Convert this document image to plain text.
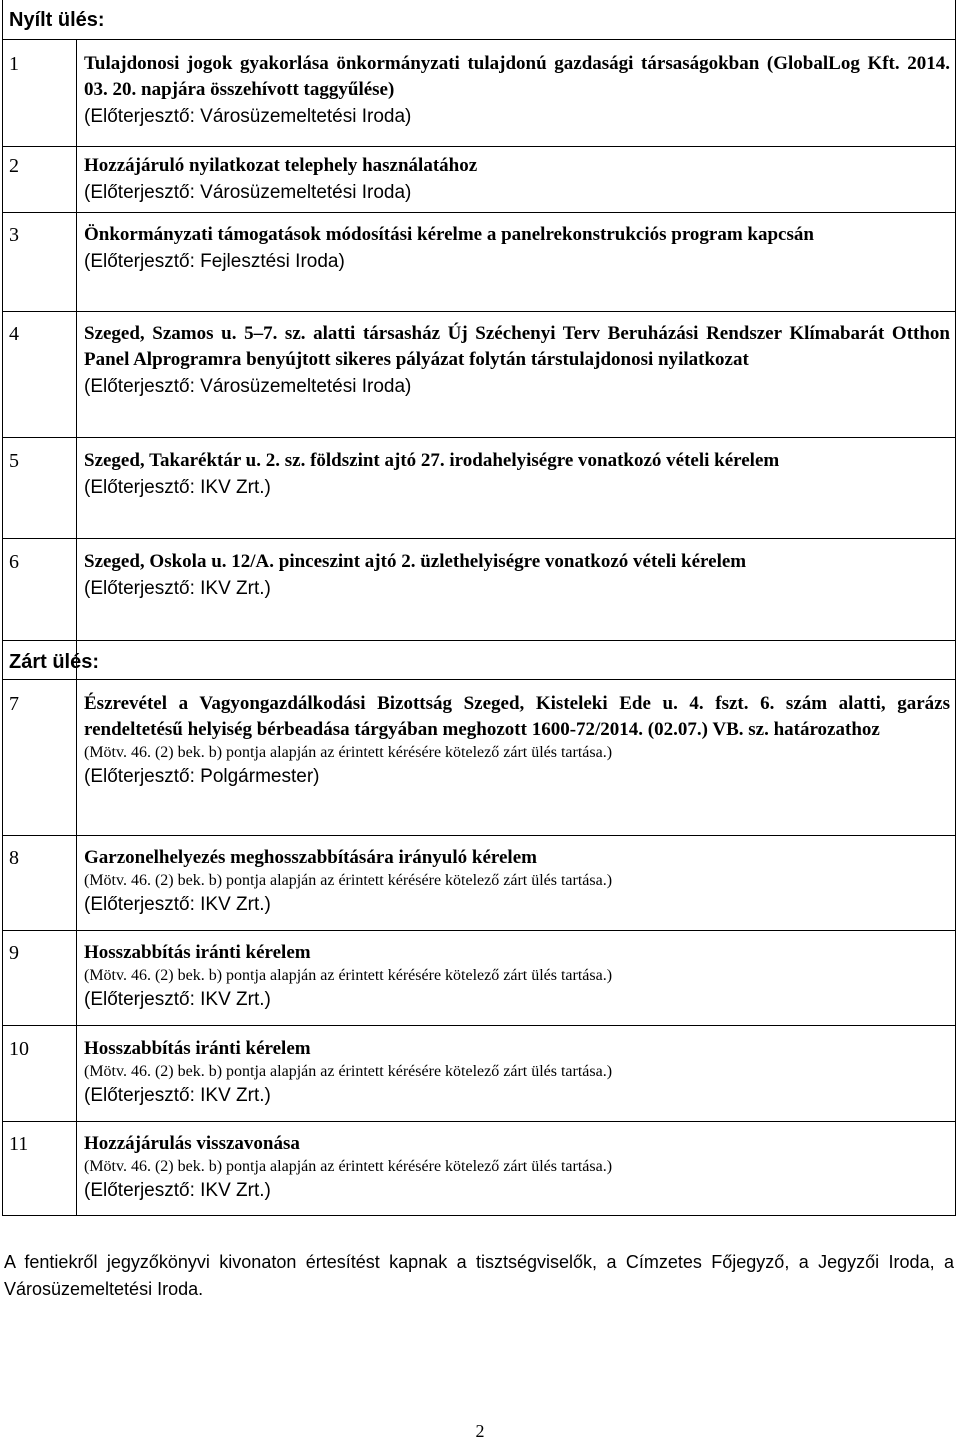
Nyílt ülés:
1	Tulajdonosi jogok gyakorlása önkormányzati tulajdonú gazdasági társaságokban (GlobalLog Kft. 2014. 03. 20. napjára összehívott taggyűlése)

(Előterjesztő: Városüzemeltetési Iroda)

2	Hozzájáruló nyilatkozat telephely használatához

(Előterjesztő: Városüzemeltetési Iroda)

3	Önkormányzati támogatások módosítási kérelme a panelrekonstrukciós program kapcsán

(Előterjesztő: Fejlesztési Iroda)

4	Szeged, Szamos u. 5–7. sz. alatti társasház Új Széchenyi Terv Beruházási Rendszer Klímabarát Otthon Panel Alprogramra benyújtott sikeres pályázat folytán társtulajdonosi nyilatkozat

(Előterjesztő: Városüzemeltetési Iroda)

5	Szeged, Takaréktár u. 2. sz. földszint ajtó 27. irodahelyiségre vonatkozó vételi kérelem

(Előterjesztő: IKV Zrt.)

6	Szeged, Oskola u. 12/A. pinceszint ajtó 2. üzlethelyiségre vonatkozó vételi kérelem

(Előterjesztő: IKV Zrt.)

Zárt ülés:
7	Észrevétel a Vagyongazdálkodási Bizottság Szeged, Kisteleki Ede u. 4. fszt. 6. szám alatti, garázs rendeltetésű helyiség bérbeadása tárgyában meghozott 1600-72/2014. (02.07.) VB. sz. határozathoz

(Mötv. 46. (2) bek. b) pontja alapján az érintett kérésére kötelező zárt ülés tartása.)

(Előterjesztő: Polgármester)

8	Garzonelhelyezés meghosszabbítására irányuló kérelem

(Mötv. 46. (2) bek. b) pontja alapján az érintett kérésére kötelező zárt ülés tartása.)

(Előterjesztő: IKV Zrt.)

9	Hosszabbítás iránti kérelem

(Mötv. 46. (2) bek. b) pontja alapján az érintett kérésére kötelező zárt ülés tartása.)

(Előterjesztő: IKV Zrt.)

10	Hosszabbítás iránti kérelem

(Mötv. 46. (2) bek. b) pontja alapján az érintett kérésére kötelező zárt ülés tartása.)

(Előterjesztő: IKV Zrt.)

11	Hozzájárulás visszavonása

(Mötv. 46. (2) bek. b) pontja alapján az érintett kérésére kötelező zárt ülés tartása.)

(Előterjesztő: IKV Zrt.)

A fentiekről jegyzőkönyvi kivonaton értesítést kapnak a tisztségviselők, a Címzetes Főjegyző, a Jegyzői Iroda, a Városüzemeltetési Iroda.

2
